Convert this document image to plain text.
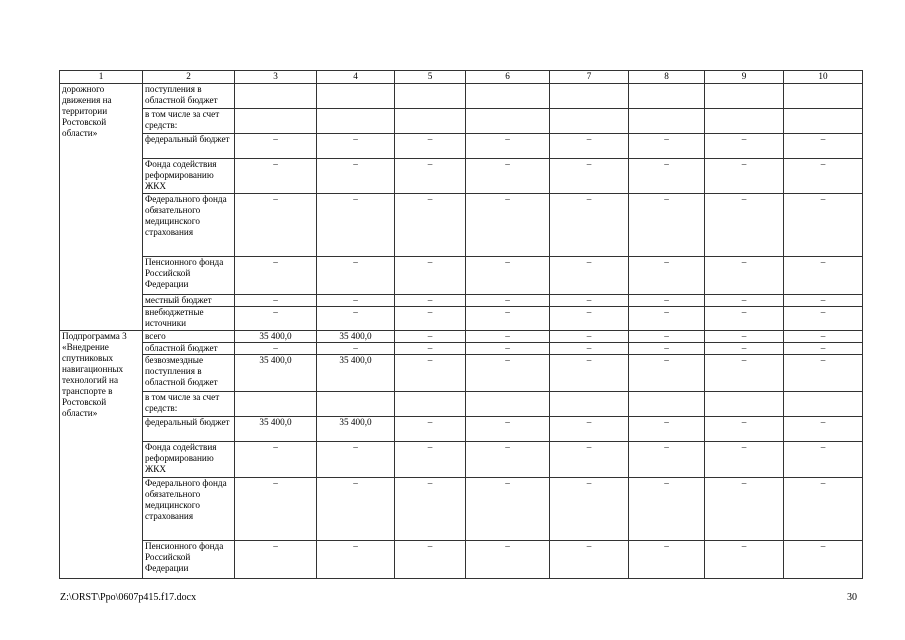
1	2	3	4	5	6	7	8	9	10
дорожного движения на территории Ростовской области»	поступления в областной бюджет								
	в том числе за счет средств:								
	федеральный бюджет	–	–	–	–	–	–	–	–
	Фонда содействия реформированию ЖКХ	–	–	–	–	–	–	–	–
	Федерального фонда обязательного медицинского страхования	–	–	–	–	–	–	–	–
	Пенсионного фонда Российской Федерации	–	–	–	–	–	–	–	–
	местный бюджет	–	–	–	–	–	–	–	–
	внебюджетные источники	–	–	–	–	–	–	–	–
Подпрограмма 3 «Внедрение спутниковых навигационных технологий на транспорте в Ростовской области»	всего	35 400,0	35 400,0	–	–	–	–	–	–
	областной бюджет	–	–	–	–	–	–	–	–
	безвозмездные поступления в областной бюджет	35 400,0	35 400,0	–	–	–	–	–	–
	в том числе за счет средств:								
	федеральный бюджет	35 400,0	35 400,0	–	–	–	–	–	–
	Фонда содействия реформированию ЖКХ	–	–	–	–	–	–	–	–
	Федерального фонда обязательного медицинского страхования	–	–	–	–	–	–	–	–
	Пенсионного фонда Российской Федерации	–	–	–	–	–	–	–	–
Z:\ORST\Ppo\0607p415.f17.docx	30
